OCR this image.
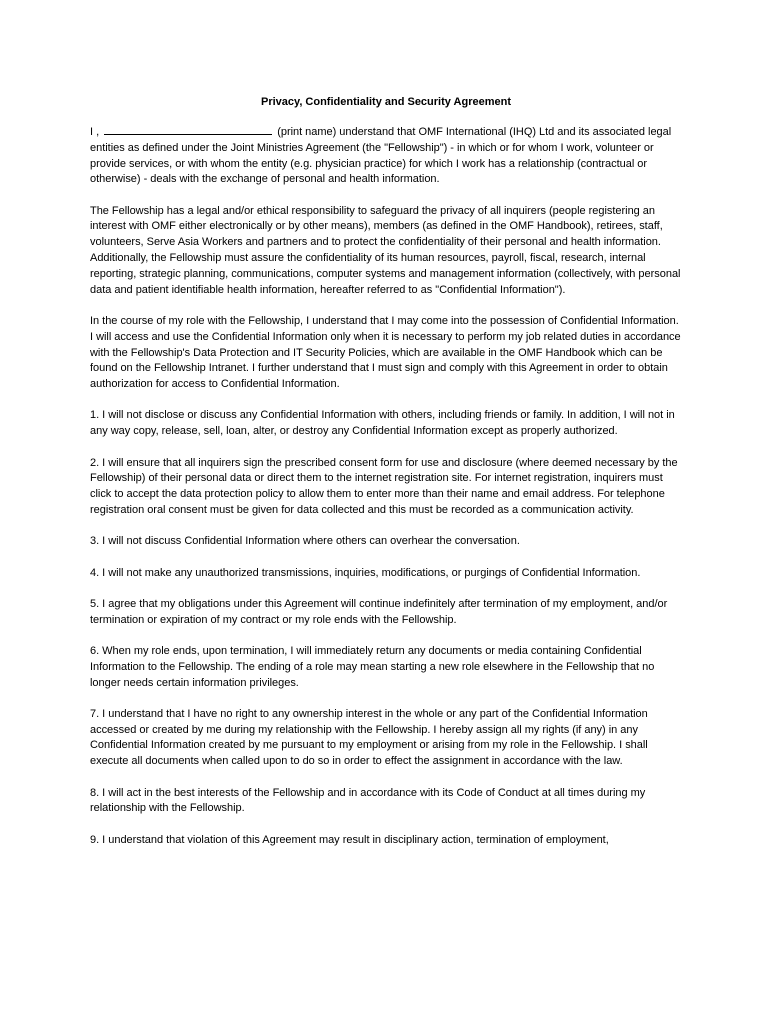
Privacy, Confidentiality and Security Agreement

I ,	(print name) understand that OMF International (IHQ) Ltd and its associated legal entities as defined under the Joint Ministries Agreement (the "Fellowship") - in which or for whom I work, volunteer or provide services, or with whom the entity (e.g. physician practice) for which I work has a relationship (contractual or otherwise) - deals with the exchange of personal and health information.

The Fellowship has a legal and/or ethical responsibility to safeguard the privacy of all inquirers (people registering an interest with OMF either electronically or by other means), members (as defined in the OMF Handbook), retirees, staff, volunteers, Serve Asia Workers and partners and to protect the confidentiality of their personal and health information. Additionally, the Fellowship must assure the confidentiality of its human resources, payroll, fiscal, research, internal reporting, strategic planning, communications, computer systems and management information (collectively, with personal data and patient identifiable health information, hereafter referred to as "Confidential Information").

In the course of my role with the Fellowship, I understand that I may come into the possession of Confidential Information. I will access and use the Confidential Information only when it is necessary to perform my job related duties in accordance with the Fellowship's Data Protection and IT Security Policies, which are available in the OMF Handbook which can be found on the Fellowship Intranet. I further understand that I must sign and comply with this Agreement in order to obtain
authorization for access to Confidential Information.

1. I will not disclose or discuss any Confidential Information with others, including friends or family. In addition, I will not in any way copy, release, sell, loan, alter, or destroy any Confidential Information except as properly authorized.

2. I will ensure that all inquirers sign the prescribed consent form for use and disclosure (where deemed necessary by the Fellowship) of their personal data or direct them to the internet registration site. For internet registration, inquirers must click to accept the data protection policy to allow them to enter more than their name and email address. For telephone registration oral consent must be given for data collected and this must be recorded as a communication activity.

3. I will not discuss Confidential Information where others can overhear the conversation.

4. I will not make any unauthorized transmissions, inquiries, modifications, or purgings of Confidential Information.

5. I agree that my obligations under this Agreement will continue indefinitely after termination of my employment, and/or termination or expiration of my contract or my role ends with the Fellowship.

6. When my role ends, upon termination, I will immediately return any documents or media containing Confidential Information to the Fellowship. The ending of a role may mean starting a new role elsewhere in the Fellowship that no longer needs certain information privileges.

7. I understand that I have no right to any ownership interest in the whole or any part of the Confidential Information accessed or created by me during my relationship with the Fellowship. I hereby assign all my rights (if any) in any Confidential Information created by me pursuant to my employment or arising from my role in the Fellowship. I shall execute all documents when called upon to do so in order to effect the assignment in accordance with the law.

8. I will act in the best interests of the Fellowship and in accordance with its Code of Conduct at all times during my relationship with the Fellowship.

9. I understand that violation of this Agreement may result in disciplinary action, termination of employment,
